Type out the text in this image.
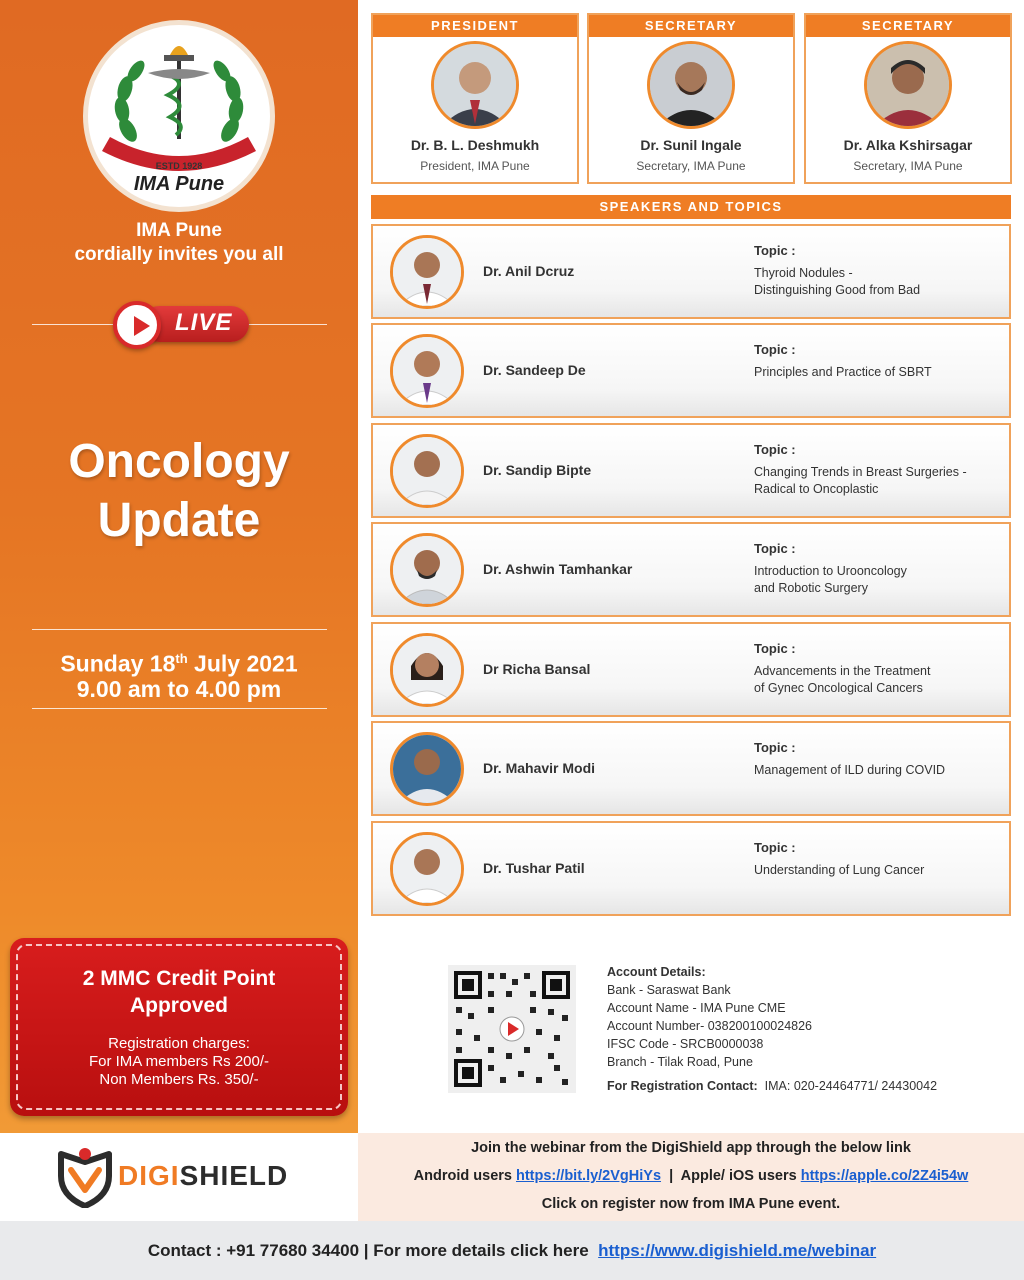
ESTD 1928
IMA Pune
IMA Pune
cordially invites you all
LIVE
Oncology
Update
Sunday 18th July 2021
9.00 am to 4.00 pm
2 MMC Credit Point
Approved
Registration charges:
For IMA members Rs 200/-
Non Members Rs. 350/-
PRESIDENT
Dr. B. L. Deshmukh
President, IMA Pune
SECRETARY
Dr. Sunil Ingale
Secretary, IMA Pune
SECRETARY
Dr. Alka Kshirsagar
Secretary, IMA Pune
SPEAKERS AND TOPICS
Dr. Anil Dcruz
Topic :
Thyroid Nodules -
Distinguishing Good from Bad
Dr. Sandeep De
Topic :
Principles and Practice of SBRT
Dr. Sandip Bipte
Topic :
Changing Trends in Breast Surgeries -
Radical to Oncoplastic
Dr. Ashwin Tamhankar
Topic :
Introduction to Urooncology
and Robotic Surgery
Dr Richa Bansal
Topic :
Advancements in the Treatment
of Gynec Oncological Cancers
Dr. Mahavir Modi
Topic :
Management of ILD during COVID
Dr. Tushar Patil
Topic :
Understanding of Lung Cancer
Account Details:
Bank - Saraswat Bank
Account Name - IMA Pune CME
Account Number- 038200100024826
IFSC Code - SRCB0000038
Branch - Tilak Road, Pune
For Registration Contact: IMA: 020-24464771/ 24430042
DIGISHIELD
Join the webinar from the DigiShield app through the below link
Android users https://bit.ly/2VgHiYs  |  Apple/ iOS users https://apple.co/2Z4i54w
Click on register now from IMA Pune event.
Contact : +91 77680 34400 | For more details click here  https://www.digishield.me/webinar
